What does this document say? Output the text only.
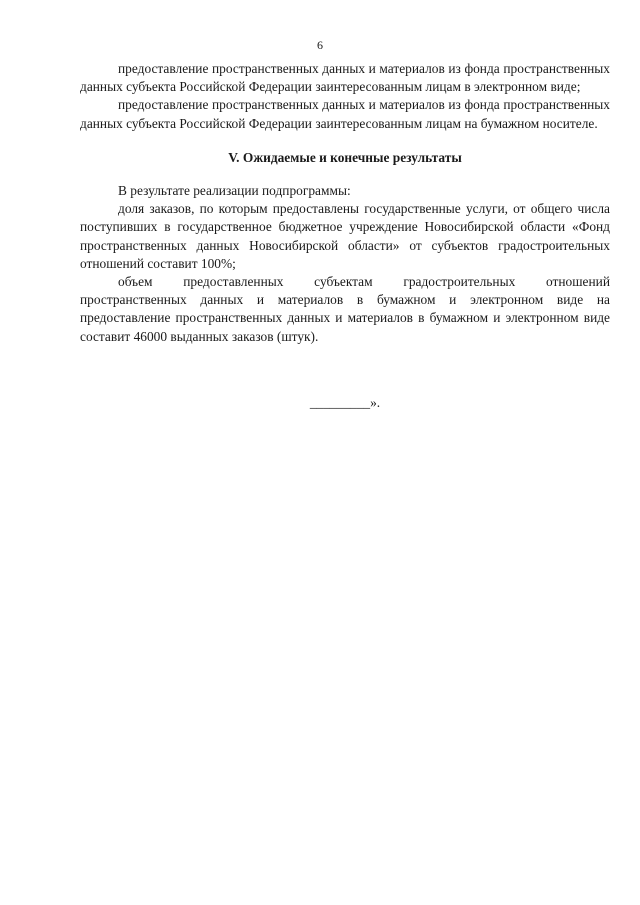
6

предоставление пространственных данных и материалов из фонда пространственных данных субъекта Российской Федерации заинтересованным лицам в электронном виде;

предоставление пространственных данных и материалов из фонда пространственных данных субъекта Российской Федерации заинтересованным лицам на бумажном носителе.

V. Ожидаемые и конечные результаты

В результате реализации подпрограммы:

доля заказов, по которым предоставлены государственные услуги, от общего числа поступивших в государственное бюджетное учреждение Новосибирской области «Фонд пространственных данных Новосибирской области» от субъектов градостроительных отношений составит 100%;

объем предоставленных субъектам градостроительных отношений пространственных данных и материалов в бумажном и электронном виде на предоставление пространственных данных и материалов в бумажном и электронном виде составит 46000 выданных заказов (штук).

_________».
